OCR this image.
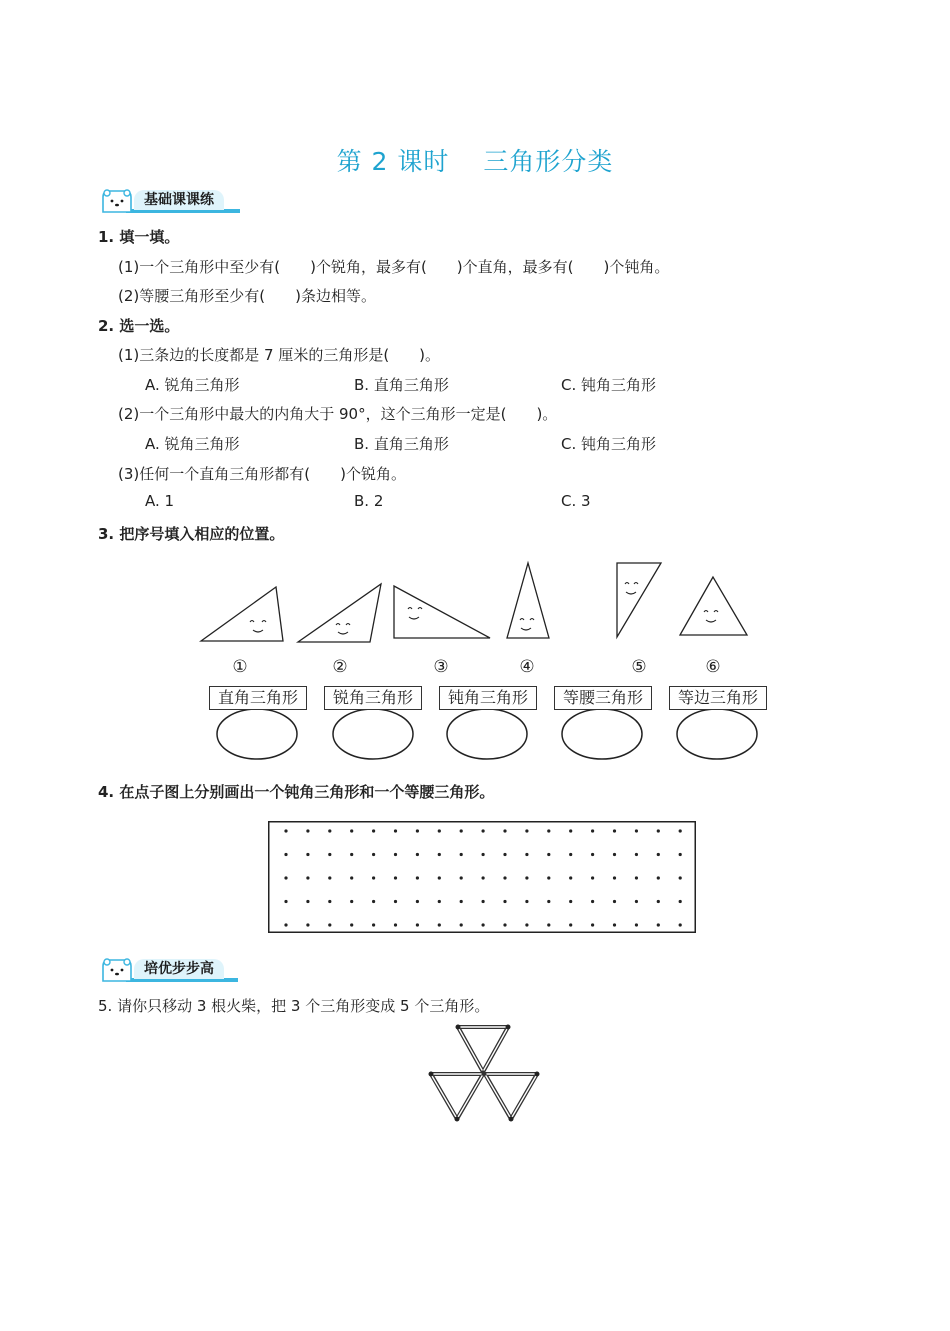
第 2 课时 三角形分类
基础课课练
1. 填一填。
(1)一个三角形中至少有(　　)个锐角，最多有(　　)个直角，最多有(　　)个钝角。
(2)等腰三角形至少有(　　)条边相等。
2. 选一选。
(1)三条边的长度都是 7 厘米的三角形是(　　)。
A. 锐角三角形	B. 直角三角形	C. 钝角三角形
(2)一个三角形中最大的内角大于 90°，这个三角形一定是(　　)。
A. 锐角三角形	B. 直角三角形	C. 钝角三角形
(3)任何一个直角三角形都有(　　)个锐角。
A. 1	B. 2	C. 3
3. 把序号填入相应的位置。
①	②	③	④	⑤	⑥
直角三角形	锐角三角形	钝角三角形	等腰三角形	等边三角形
4. 在点子图上分别画出一个钝角三角形和一个等腰三角形。
培优步步高
5. 请你只移动 3 根火柴，把 3 个三角形变成 5 个三角形。
